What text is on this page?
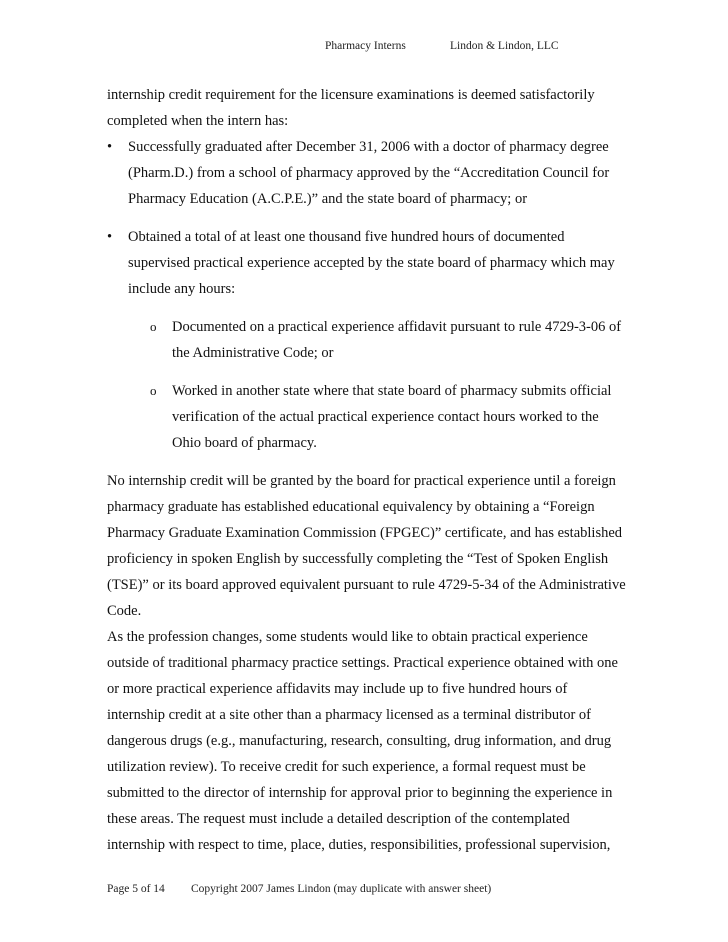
Pharmacy Interns	Lindon & Lindon, LLC

internship credit requirement for the licensure examinations is deemed satisfactorily completed when the intern has:

• Successfully graduated after December 31, 2006 with a doctor of pharmacy degree (Pharm.D.) from a school of pharmacy approved by the “Accreditation Council for Pharmacy Education (A.C.P.E.)” and the state board of pharmacy; or
• Obtained a total of at least one thousand five hundred hours of documented supervised practical experience accepted by the state board of pharmacy which may include any hours:
o Documented on a practical experience affidavit pursuant to rule 4729-3-06 of the Administrative Code; or
o Worked in another state where that state board of pharmacy submits official verification of the actual practical experience contact hours worked to the Ohio board of pharmacy.

No internship credit will be granted by the board for practical experience until a foreign pharmacy graduate has established educational equivalency by obtaining a “Foreign Pharmacy Graduate Examination Commission (FPGEC)” certificate, and has established proficiency in spoken English by successfully completing the “Test of Spoken English (TSE)” or its board approved equivalent pursuant to rule 4729-5-34 of the Administrative Code.

As the profession changes, some students would like to obtain practical experience outside of traditional pharmacy practice settings. Practical experience obtained with one or more practical experience affidavits may include up to five hundred hours of internship credit at a site other than a pharmacy licensed as a terminal distributor of dangerous drugs (e.g., manufacturing, research, consulting, drug information, and drug utilization review). To receive credit for such experience, a formal request must be submitted to the director of internship for approval prior to beginning the experience in these areas. The request must include a detailed description of the contemplated internship with respect to time, place, duties, responsibilities, professional supervision,

Page 5 of 14 Copyright 2007 James Lindon (may duplicate with answer sheet)
